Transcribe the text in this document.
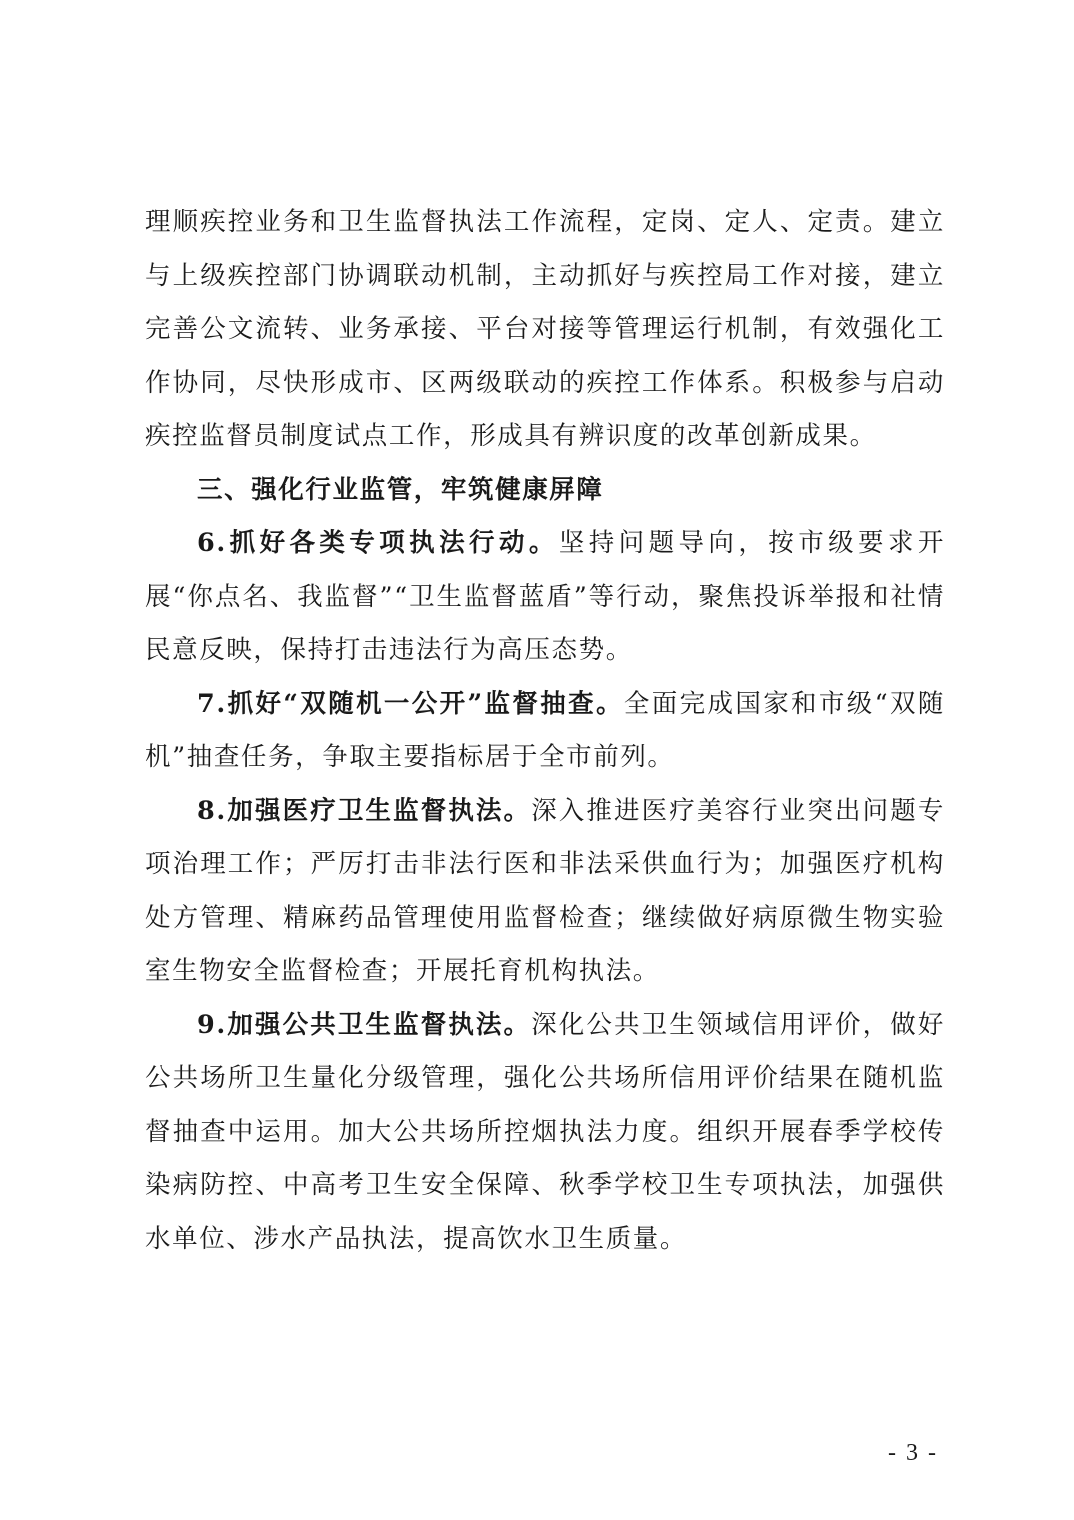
理顺疾控业务和卫生监督执法工作流程，定岗、定人、定责。建立与上级疾控部门协调联动机制，主动抓好与疾控局工作对接，建立完善公文流转、业务承接、平台对接等管理运行机制，有效强化工作协同，尽快形成市、区两级联动的疾控工作体系。积极参与启动疾控监督员制度试点工作，形成具有辨识度的改革创新成果。

三、强化行业监管，牢筑健康屏障

6.抓好各类专项执法行动。坚持问题导向，按市级要求开展“你点名、我监督”“卫生监督蓝盾”等行动，聚焦投诉举报和社情民意反映，保持打击违法行为高压态势。

7.抓好“双随机一公开”监督抽查。全面完成国家和市级“双随机”抽查任务，争取主要指标居于全市前列。

8.加强医疗卫生监督执法。深入推进医疗美容行业突出问题专项治理工作；严厉打击非法行医和非法采供血行为；加强医疗机构处方管理、精麻药品管理使用监督检查；继续做好病原微生物实验室生物安全监督检查；开展托育机构执法。

9.加强公共卫生监督执法。深化公共卫生领域信用评价，做好公共场所卫生量化分级管理，强化公共场所信用评价结果在随机监督抽查中运用。加大公共场所控烟执法力度。组织开展春季学校传染病防控、中高考卫生安全保障、秋季学校卫生专项执法，加强供水单位、涉水产品执法，提高饮水卫生质量。

- 3 -
